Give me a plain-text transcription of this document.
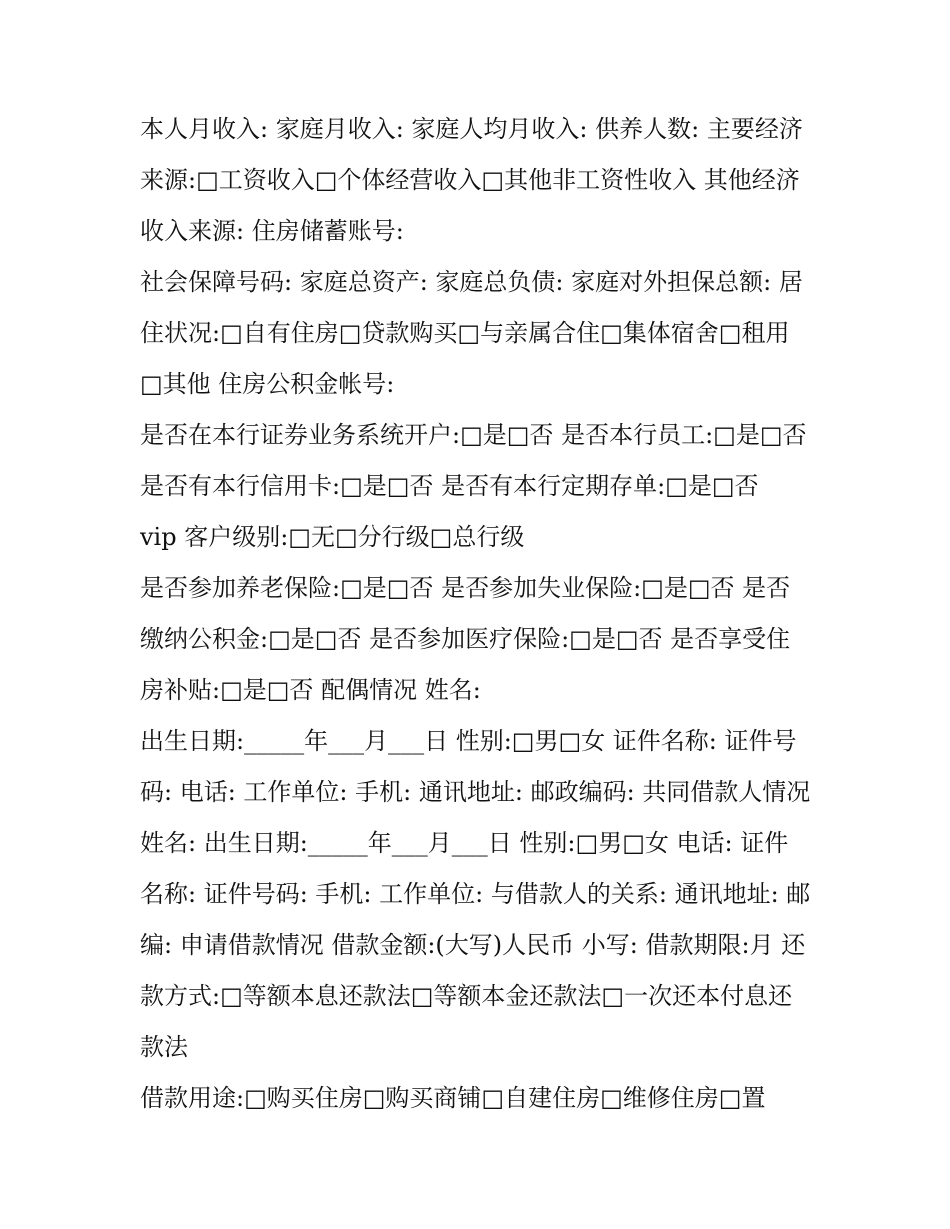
本人月收入: 家庭月收入: 家庭人均月收入: 供养人数: 主要经济来源:□工资收入□个体经营收入□其他非工资性收入 其他经济收入来源: 住房储蓄账号:

社会保障号码: 家庭总资产: 家庭总负债: 家庭对外担保总额: 居住状况:□自有住房□贷款购买□与亲属合住□集体宿舍□租用□其他 住房公积金帐号:

是否在本行证券业务系统开户:□是□否 是否本行员工:□是□否 是否有本行信用卡:□是□否 是否有本行定期存单:□是□否

vip 客户级别:□无□分行级□总行级

是否参加养老保险:□是□否 是否参加失业保险:□是□否 是否缴纳公积金:□是□否 是否参加医疗保险:□是□否 是否享受住房补贴:□是□否 配偶情况 姓名:

出生日期:_____年___月___日 性别:□男□女 证件名称: 证件号码: 电话: 工作单位: 手机: 通讯地址: 邮政编码: 共同借款人情况 姓名: 出生日期:_____年___月___日 性别:□男□女 电话: 证件名称: 证件号码: 手机: 工作单位: 与借款人的关系: 通讯地址: 邮编: 申请借款情况 借款金额:(大写)人民币 小写: 借款期限:月 还款方式:□等额本息还款法□等额本金还款法□一次还本付息还款法

借款用途:□购买住房□购买商铺□自建住房□维修住房□置
